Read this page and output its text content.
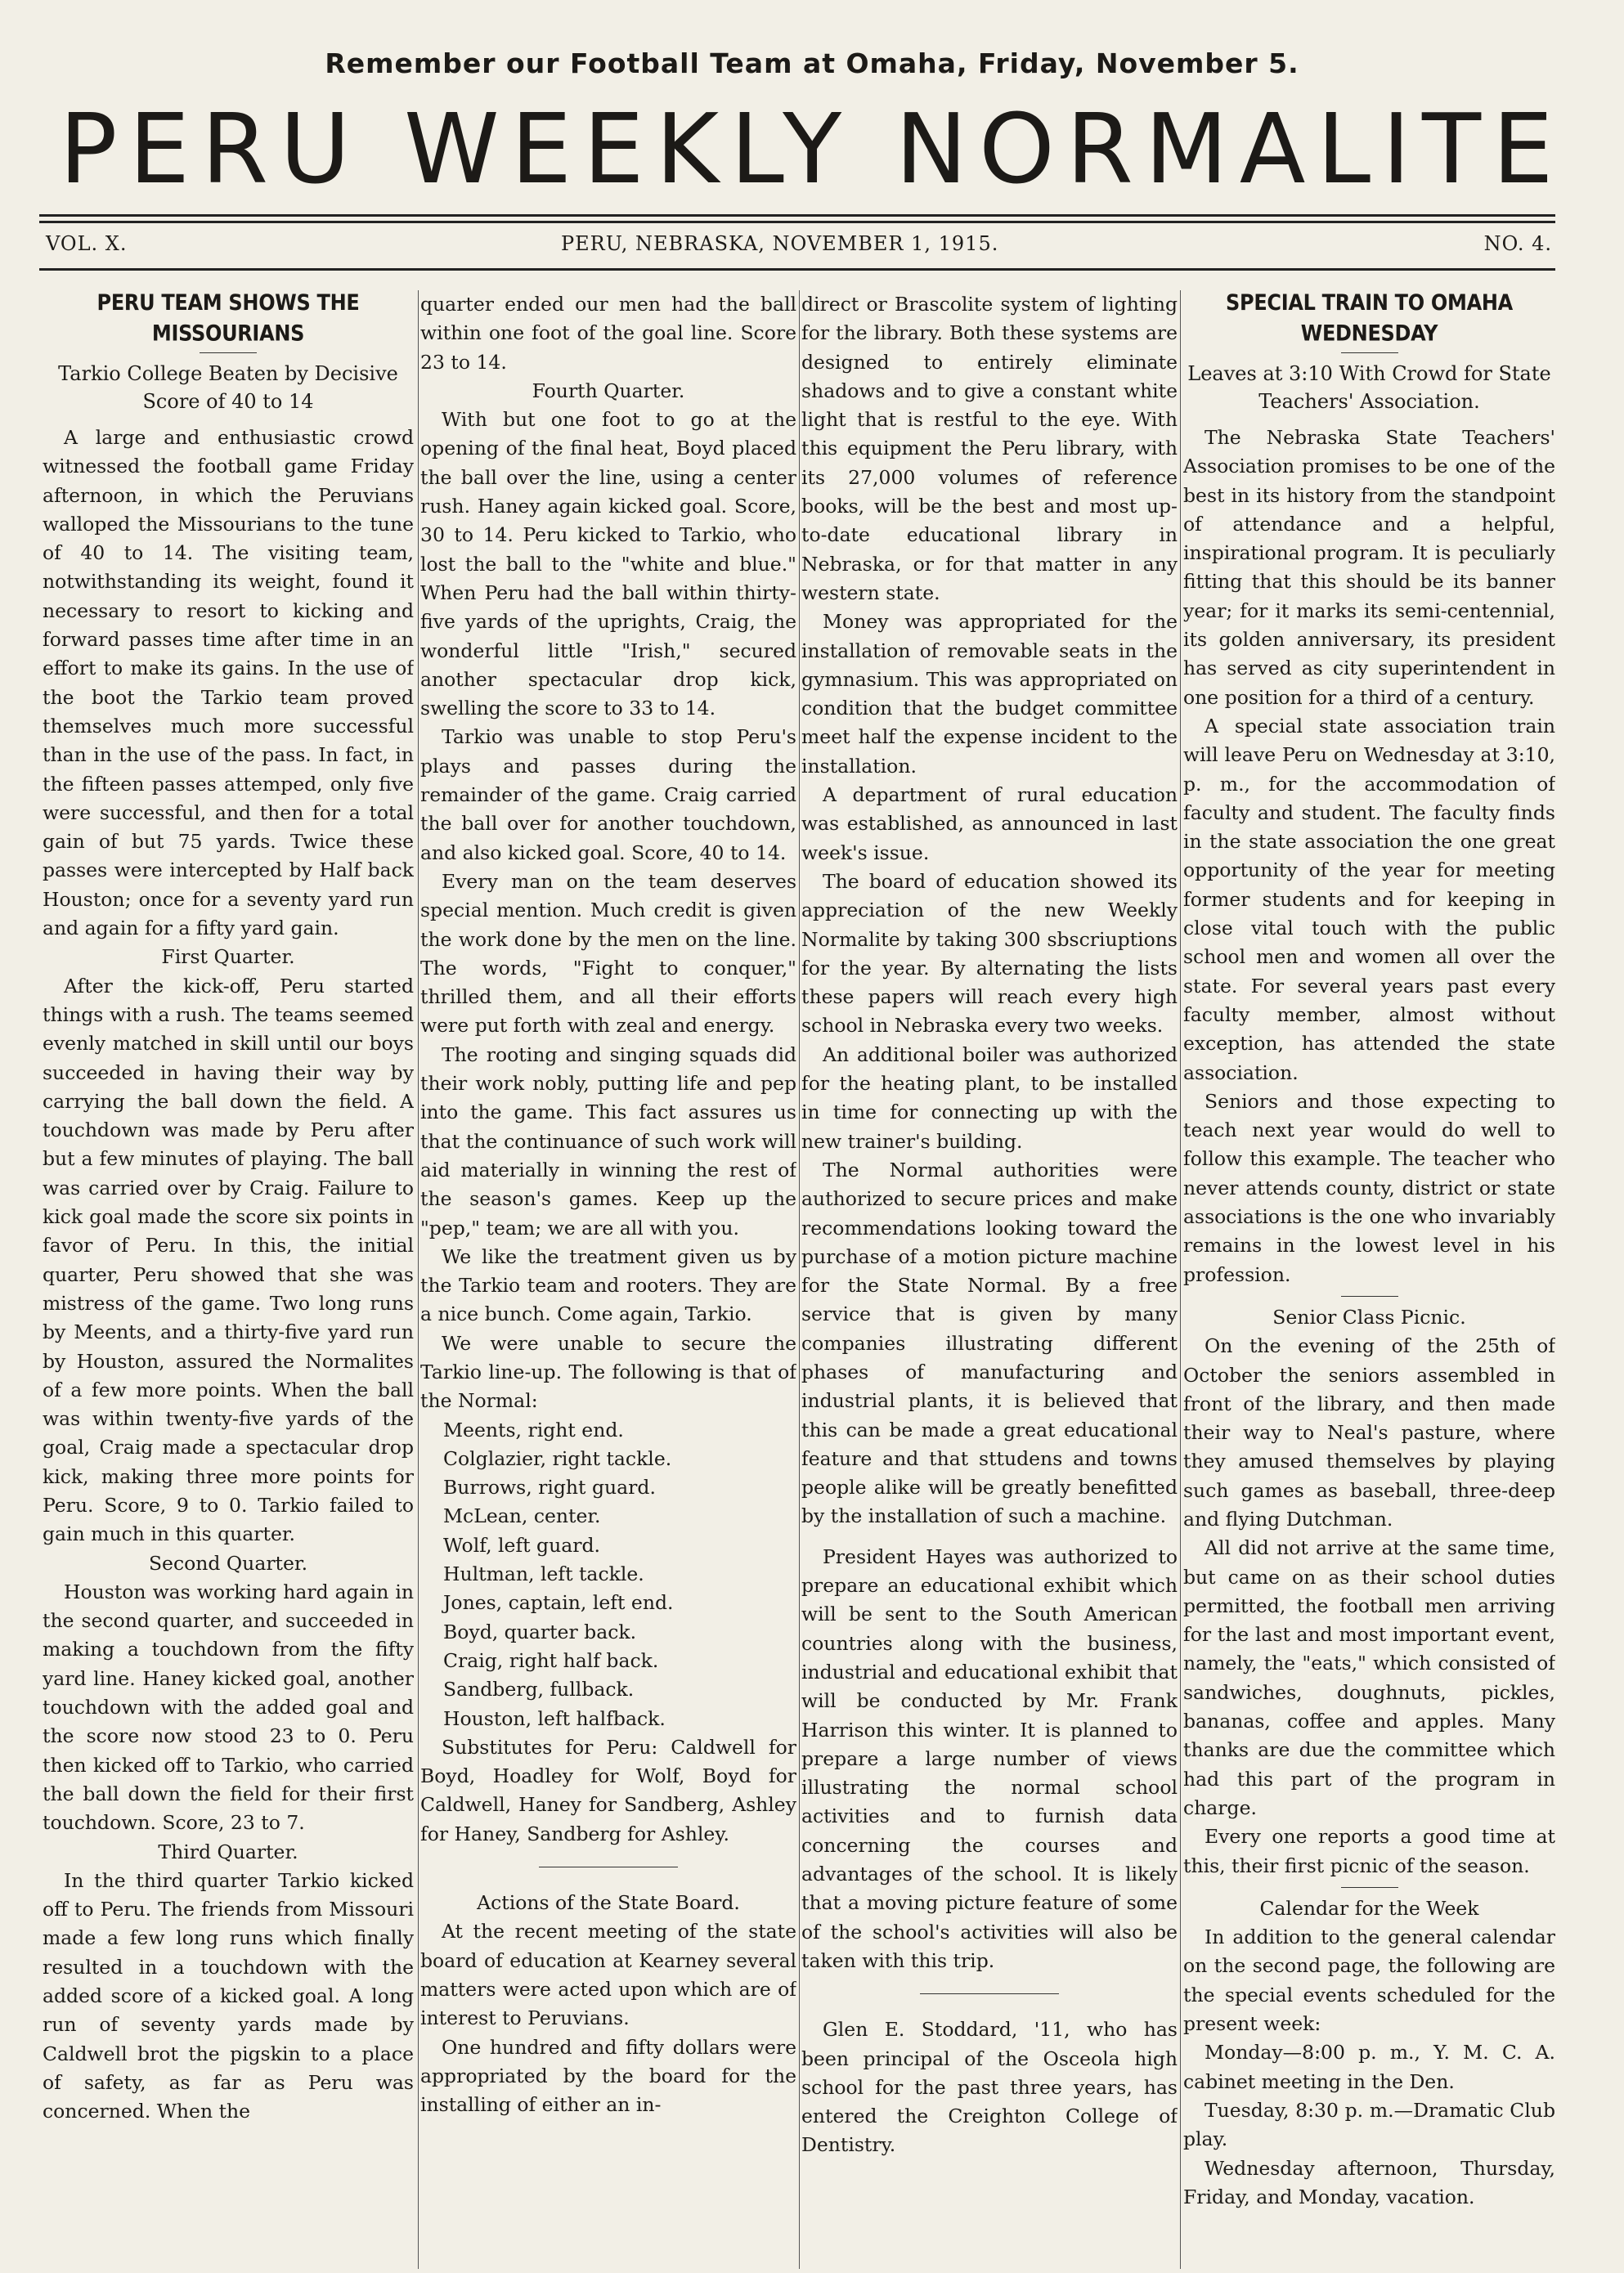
Remember our Football Team at Omaha, Friday, November 5.
PERU WEEKLY NORMALITE
VOL. X.	PERU, NEBRASKA, NOVEMBER 1, 1915.	NO. 4.
PERU TEAM SHOWS THE MISSOURIANS
Tarkio College Beaten by Decisive Score of 40 to 14

A large and enthusiastic crowd witnessed the football game Friday afternoon, in which the Peruvians walloped the Missourians to the tune of 40 to 14. The visiting team, notwithstanding its weight, found it necessary to resort to kicking and forward passes time after time in an effort to make its gains. In the use of the boot the Tarkio team proved themselves much more successful than in the use of the pass. In fact, in the fifteen passes attemped, only five were successful, and then for a total gain of but 75 yards. Twice these passes were intercepted by Half back Houston; once for a seventy yard run and again for a fifty yard gain.

First Quarter.

After the kick-off, Peru started things with a rush. The teams seemed evenly matched in skill until our boys succeeded in having their way by carrying the ball down the field. A touchdown was made by Peru after but a few minutes of playing. The ball was carried over by Craig. Failure to kick goal made the score six points in favor of Peru. In this, the initial quarter, Peru showed that she was mistress of the game. Two long runs by Meents, and a thirty-five yard run by Houston, assured the Normalites of a few more points. When the ball was within twenty-five yards of the goal, Craig made a spectacular drop kick, making three more points for Peru. Score, 9 to 0. Tarkio failed to gain much in this quarter.

Second Quarter.

Houston was working hard again in the second quarter, and succeeded in making a touchdown from the fifty yard line. Haney kicked goal, another touchdown with the added goal and the score now stood 23 to 0. Peru then kicked off to Tarkio, who carried the ball down the field for their first touchdown. Score, 23 to 7.

Third Quarter.

In the third quarter Tarkio kicked off to Peru. The friends from Missouri made a few long runs which finally resulted in a touchdown with the added score of a kicked goal. A long run of seventy yards made by Caldwell brot the pigskin to a place of safety, as far as Peru was concerned. When the

quarter ended our men had the ball within one foot of the goal line. Score 23 to 14.

Fourth Quarter.

With but one foot to go at the opening of the final heat, Boyd placed the ball over the line, using a center rush. Haney again kicked goal. Score, 30 to 14. Peru kicked to Tarkio, who lost the ball to the "white and blue." When Peru had the ball within thirty-five yards of the uprights, Craig, the wonderful little "Irish," secured another spectacular drop kick, swelling the score to 33 to 14.

Tarkio was unable to stop Peru's plays and passes during the remainder of the game. Craig carried the ball over for another touchdown, and also kicked goal. Score, 40 to 14.

Every man on the team deserves special mention. Much credit is given the work done by the men on the line. The words, "Fight to conquer," thrilled them, and all their efforts were put forth with zeal and energy.

The rooting and singing squads did their work nobly, putting life and pep into the game. This fact assures us that the continuance of such work will aid materially in winning the rest of the season's games. Keep up the "pep," team; we are all with you.

We like the treatment given us by the Tarkio team and rooters. They are a nice bunch. Come again, Tarkio.

We were unable to secure the Tarkio line-up. The following is that of the Normal:

Meents, right end.

Colglazier, right tackle.

Burrows, right guard.

McLean, center.

Wolf, left guard.

Hultman, left tackle.

Jones, captain, left end.

Boyd, quarter back.

Craig, right half back.

Sandberg, fullback.

Houston, left halfback.

Substitutes for Peru: Caldwell for Boyd, Hoadley for Wolf, Boyd for Caldwell, Haney for Sandberg, Ashley for Haney, Sandberg for Ashley.

Actions of the State Board.

At the recent meeting of the state board of education at Kearney several matters were acted upon which are of interest to Peruvians.

One hundred and fifty dollars were appropriated by the board for the installing of either an in-

direct or Brascolite system of lighting for the library. Both these systems are designed to entirely eliminate shadows and to give a constant white light that is restful to the eye. With this equipment the Peru library, with its 27,000 volumes of reference books, will be the best and most up-to-date educational library in Nebraska, or for that matter in any western state.

Money was appropriated for the installation of removable seats in the gymnasium. This was appropriated on condition that the budget committee meet half the expense incident to the installation.

A department of rural education was established, as announced in last week's issue.

The board of education showed its appreciation of the new Weekly Normalite by taking 300 sbscriuptions for the year. By alternating the lists these papers will reach every high school in Nebraska every two weeks.

An additional boiler was authorized for the heating plant, to be installed in time for connecting up with the new trainer's building.

The Normal authorities were authorized to secure prices and make recommendations looking toward the purchase of a motion picture machine for the State Normal. By a free service that is given by many companies illustrating different phases of manufacturing and industrial plants, it is believed that this can be made a great educational feature and that sttudens and towns people alike will be greatly benefitted by the installation of such a machine.

President Hayes was authorized to prepare an educational exhibit which will be sent to the South American countries along with the business, industrial and educational exhibit that will be conducted by Mr. Frank Harrison this winter. It is planned to prepare a large number of views illustrating the normal school activities and to furnish data concerning the courses and advantages of the school. It is likely that a moving picture feature of some of the school's activities will also be taken with this trip.

Glen E. Stoddard, '11, who has been principal of the Osceola high school for the past three years, has entered the Creighton College of Dentistry.

SPECIAL TRAIN TO OMAHA WEDNESDAY
Leaves at 3:10 With Crowd for State Teachers' Association.

The Nebraska State Teachers' Association promises to be one of the best in its history from the standpoint of attendance and a helpful, inspirational program. It is peculiarly fitting that this should be its banner year; for it marks its semi-centennial, its golden anniversary, its president has served as city superintendent in one position for a third of a century.

A special state association train will leave Peru on Wednesday at 3:10, p. m., for the accommodation of faculty and student. The faculty finds in the state association the one great opportunity of the year for meeting former students and for keeping in close vital touch with the public school men and women all over the state. For several years past every faculty member, almost without exception, has attended the state association.

Seniors and those expecting to teach next year would do well to follow this example. The teacher who never attends county, district or state associations is the one who invariably remains in the lowest level in his profession.

Senior Class Picnic.

On the evening of the 25th of October the seniors assembled in front of the library, and then made their way to Neal's pasture, where they amused themselves by playing such games as baseball, three-deep and flying Dutchman.

All did not arrive at the same time, but came on as their school duties permitted, the football men arriving for the last and most important event, namely, the "eats," which consisted of sandwiches, doughnuts, pickles, bananas, coffee and apples. Many thanks are due the committee which had this part of the program in charge.

Every one reports a good time at this, their first picnic of the season.

Calendar for the Week

In addition to the general calendar on the second page, the following are the special events scheduled for the present week:

Monday—8:00 p. m., Y. M. C. A. cabinet meeting in the Den.

Tuesday, 8:30 p. m.—Dramatic Club play.

Wednesday afternoon, Thursday, Friday, and Monday, vacation.
